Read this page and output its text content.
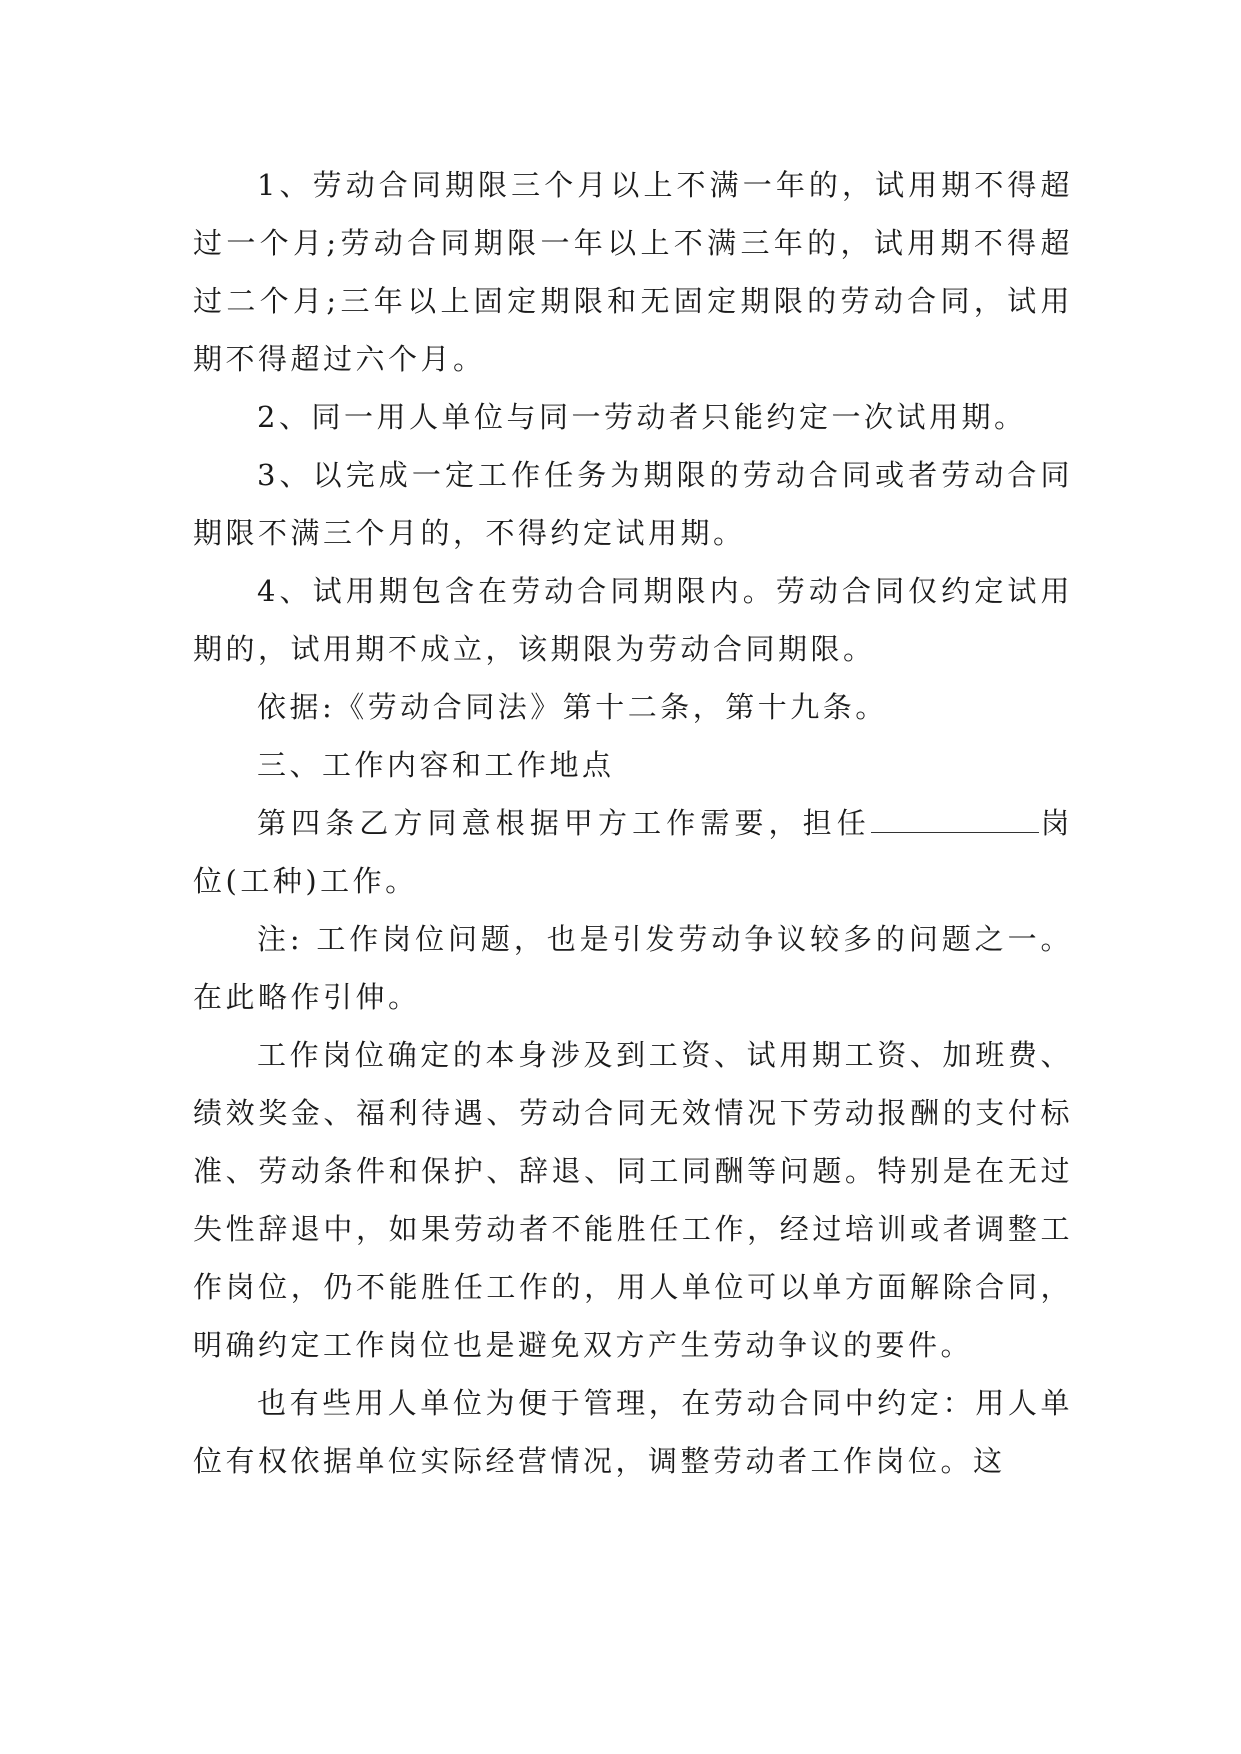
1、劳动合同期限三个月以上不满一年的，试用期不得超过一个月;劳动合同期限一年以上不满三年的，试用期不得超过二个月;三年以上固定期限和无固定期限的劳动合同，试用期不得超过六个月。

2、同一用人单位与同一劳动者只能约定一次试用期。

3、以完成一定工作任务为期限的劳动合同或者劳动合同期限不满三个月的，不得约定试用期。

4、试用期包含在劳动合同期限内。劳动合同仅约定试用期的，试用期不成立，该期限为劳动合同期限。

依据:《劳动合同法》第十二条，第十九条。

三、工作内容和工作地点

第四条乙方同意根据甲方工作需要，担任	岗位(工种)工作。

注: 工作岗位问题，也是引发劳动争议较多的问题之一。在此略作引伸。

工作岗位确定的本身涉及到工资、试用期工资、加班费、绩效奖金、福利待遇、劳动合同无效情况下劳动报酬的支付标准、劳动条件和保护、辞退、同工同酬等问题。特别是在无过失性辞退中，如果劳动者不能胜任工作，经过培训或者调整工作岗位，仍不能胜任工作的，用人单位可以单方面解除合同，明确约定工作岗位也是避免双方产生劳动争议的要件。

也有些用人单位为便于管理，在劳动合同中约定：用人单位有权依据单位实际经营情况，调整劳动者工作岗位。这
